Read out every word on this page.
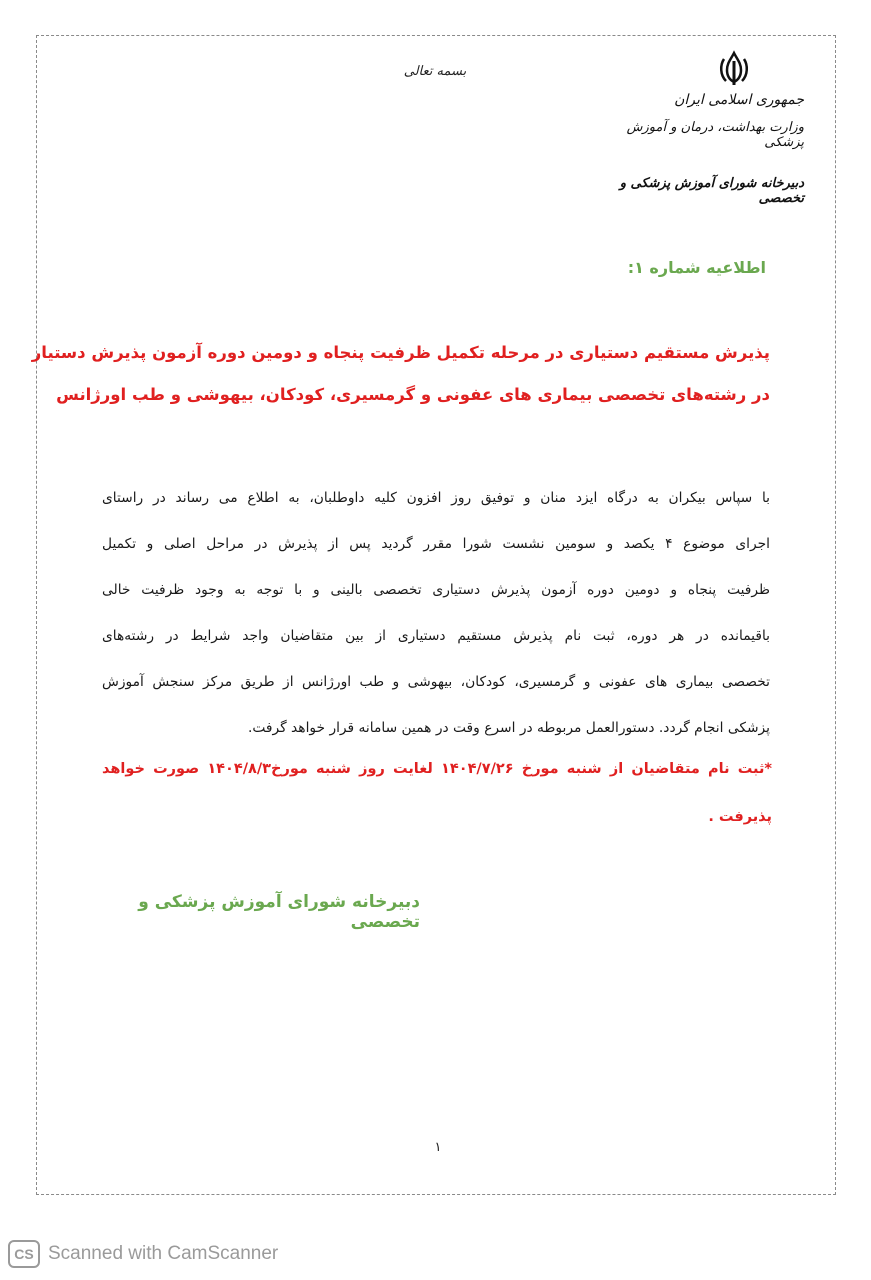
بسمه تعالی
جمهوری اسلامی ایران
وزارت بهداشت، درمان و آموزش پزشکی
دبیرخانه شورای آموزش پزشکی و تخصصی
اطلاعیه شماره ۱:
پذیرش مستقیم دستیاری در مرحله تکمیل ظرفیت پنجاه و دومین دوره آزمون پذیرش دستیار
در رشته‌های تخصصی بیماری های عفونی و گرمسیری، کودکان، بیهوشی و طب اورژانس
با سپاس بیکران به درگاه ایزد منان و توفیق روز افزون کلیه داوطلبان، به اطلاع می رساند در راستای
اجرای موضوع ۴ یکصد و سومین نشست شورا مقرر گردید پس از پذیرش در مراحل اصلی و تکمیل
ظرفیت پنجاه و دومین دوره آزمون پذیرش دستیاری تخصصی بالینی و با توجه به وجود ظرفیت خالی
باقیمانده در هر دوره، ثبت نام پذیرش مستقیم دستیاری از بین متقاضیان واجد شرایط در رشته‌های
تخصصی بیماری های عفونی و گرمسیری، کودکان، بیهوشی و طب اورژانس از طریق مرکز سنجش آموزش
پزشکی انجام گردد. دستورالعمل مربوطه در اسرع وقت در همین سامانه قرار خواهد گرفت.
*ثبت نام متقاضیان از شنبه مورخ ۱۴۰۴/۷/۲۶ لغایت روز شنبه مورخ۱۴۰۴/۸/۳ صورت خواهد
پذیرفت .
دبیرخانه شورای آموزش پزشکی و تخصصی
۱
CS Scanned with CamScanner
